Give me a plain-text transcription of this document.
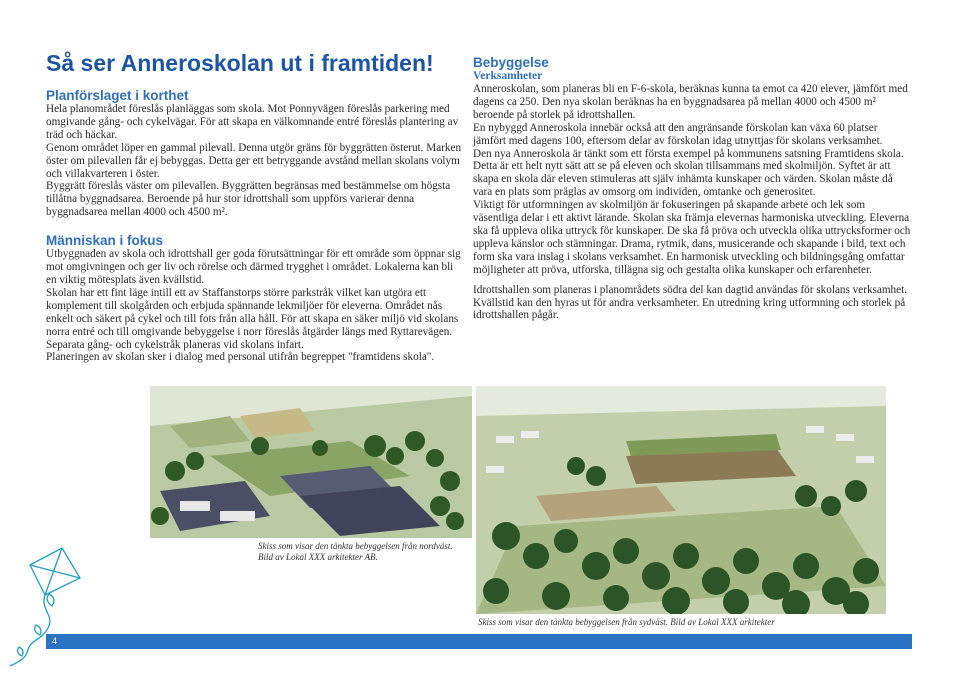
Så ser Anneroskolan ut i framtiden!
Planförslaget i korthet

Hela planområdet föreslås planläggas som skola. Mot Ponnyvägen föreslås parkering med omgivande gång- och cykelvägar. För att skapa en välkomnande entré föreslås plantering av träd och häckar.

Genom området löper en gammal pilevall. Denna utgör gräns för byggrätten österut. Marken öster om pilevallen får ej bebyggas. Detta ger ett betryggande avstånd mellan skolans volym och villakvarteren i öster.

Byggrätt föreslås väster om pilevallen. Byggrätten begränsas med bestämmelse om högsta tillåtna byggnadsarea. Beroende på hur stor idrottshall som uppförs varierar denna byggnadsarea mellan 4000 och 4500 m².

Människan i fokus

Utbyggnaden av skola och idrottshall ger goda förutsättningar för ett område som öppnar sig mot omgivningen och ger liv och rörelse och därmed trygghet i området. Lokalerna kan bli en viktig mötesplats även kvällstid.

Skolan har ett fint läge intill ett av Staffanstorps större parkstråk vilket kan utgöra ett komplement till skolgården och erbjuda spännande lekmiljöer för eleverna. Området nås enkelt och säkert på cykel och till fots från alla håll. För att skapa en säker miljö vid skolans norra entré och till omgivande bebyggelse i norr föreslås åtgärder längs med Ryttarevägen. Separata gång- och cykelstråk planeras vid skolans infart.

Planeringen av skolan sker i dialog med personal utifrån begreppet "framtidens skola".

Bebyggelse
Verksamheter

Anneroskolan, som planeras bli en F-6-skola, beräknas kunna ta emot ca 420 elever, jämfört med dagens ca 250. Den nya skolan beräknas ha en byggnadsarea på mellan 4000 och 4500 m² beroende på storlek på idrottshallen.

En nybyggd Anneroskola innebär också att den angränsande förskolan kan växa 60 platser jämfört med dagens 100, eftersom delar av förskolan idag utnyttjas för skolans verksamhet.

Den nya Anneroskola är tänkt som ett första exempel på kommunens satsning Framtidens skola. Detta är ett helt nytt sätt att se på eleven och skolan tillsammans med skolmiljön. Syftet är att skapa en skola där eleven stimuleras att själv inhämta kunskaper och värden. Skolan måste då vara en plats som präglas av omsorg om individen, omtanke och generositet.

Viktigt för utformningen av skolmiljön är fokuseringen på skapande arbete och lek som väsentliga delar i ett aktivt lärande. Skolan ska främja elevernas harmoniska utveckling. Eleverna ska få uppleva olika uttryck för kunskaper. De ska få pröva och utveckla olika uttrycksformer och uppleva känslor och stämningar. Drama, rytmik, dans, musicerande och skapande i bild, text och form ska vara inslag i skolans verksamhet. En harmonisk utveckling och bildningsgång omfattar möjligheter att pröva, utforska, tillägna sig och gestalta olika kunskaper och erfarenheter.

Idrottshallen som planeras i planområdets södra del kan dagtid användas för skolans verksamhet. Kvällstid kan den hyras ut för andra verksamheter. En utredning kring utformning och storlek på idrottshallen pågår.

Skiss som visar den tänkta bebyggelsen från nordväst. Bild av Lokal XXX arkitekter AB.
Skiss som visar den tänkta bebyggelsen från sydväst. Bild av Lokal XXX arkitekter
4
